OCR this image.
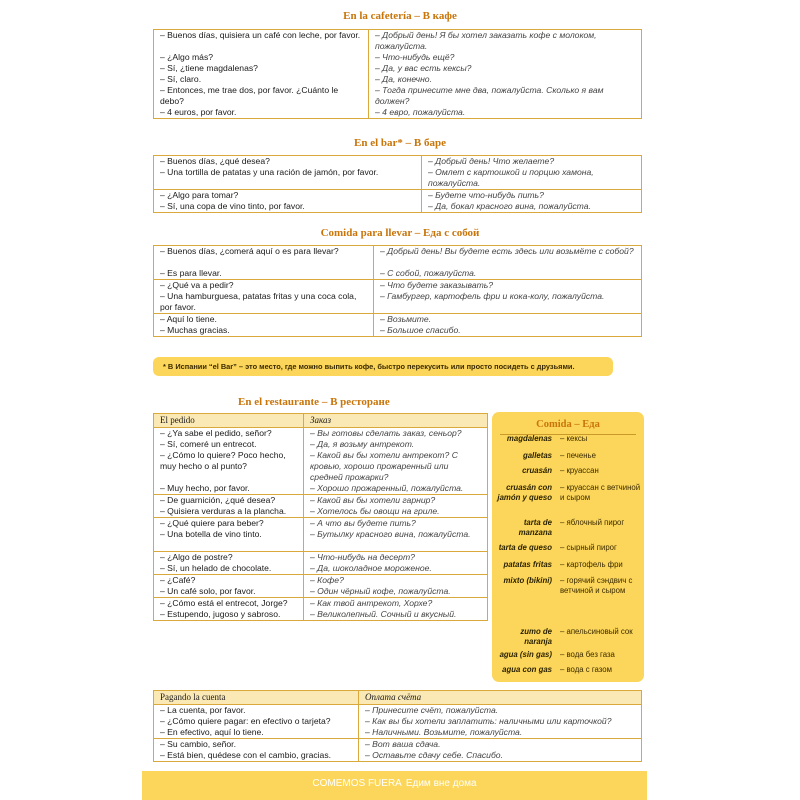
En la cafetería – В кафе
– Buenos días, quisiera un café con leche, por favor.	– Добрый день! Я бы хотел заказать кофе с молоком, пожалуйста.
– ¿Algo más?	– Что-нибудь ещё?
– Sí, ¿tiene magdalenas?	– Да, у вас есть кексы?
– Sí, claro.	– Да, конечно.
– Entonces, me trae dos, por favor. ¿Cuánto le debo?	– Тогда принесите мне два, пожалуйста. Сколько я вам должен?
– 4 euros, por favor.	– 4 евро, пожалуйста.
En el bar* – В баре
– Buenos días, ¿qué desea?	– Добрый день! Что желаете?
– Una tortilla de patatas y una ración de jamón, por favor.	– Омлет с картошкой и порцию хамона, пожалуйста.
– ¿Algo para tomar?	– Будете что-нибудь пить?
– Sí, una copa de vino tinto, por favor.	– Да, бокал красного вина, пожалуйста.
Comida para llevar – Еда с собой
– Buenos días, ¿comerá aquí o es para llevar?	– Добрый день! Вы будете есть здесь или возьмёте с собой?
– Es para llevar.	– С собой, пожалуйста.
– ¿Qué va a pedir?	– Что будете заказывать?
– Una hamburguesa, patatas fritas y una coca cola, por favor.	– Гамбургер, картофель фри и кока-колу, пожалуйста.
– Aquí lo tiene.	– Возьмите.
– Muchas gracias.	– Большое спасибо.
* В Испании “el Bar” – это место, где можно выпить кофе, быстро перекусить или просто посидеть с друзьями.
En el restaurante – В ресторане
El pedido	Заказ
– ¿Ya sabe el pedido, señor?	– Вы готовы сделать заказ, сеньор?
– Sí, comeré un entrecot.	– Да, я возьму антрекот.
– ¿Cómo lo quiere? Poco hecho, muy hecho o al punto?	– Какой вы бы хотели антрекот? С кровью, хорошо прожаренный или средней прожарки?
– Muy hecho, por favor.	– Хорошо прожаренный, пожалуйста.
– De guarnición, ¿qué desea?	– Какой вы бы хотели гарнир?
– Quisiera verduras a la plancha.	– Хотелось бы овощи на гриле.
– ¿Qué quiere para beber?	– А что вы будете пить?
– Una botella de vino tinto.	– Бутылку красного вина, пожалуйста.
– ¿Algo de postre?	– Что-нибудь на десерт?
– Sí, un helado de chocolate.	– Да, шоколадное мороженое.
– ¿Café?	– Кофе?
– Un café solo, por favor.	– Один чёрный кофе, пожалуйста.
– ¿Cómo está el entrecot, Jorge?	– Как твой антрекот, Хорхе?
– Estupendo, jugoso y sabroso.	– Великолепный. Сочный и вкусный.
Comida – Еда
magdalenas – кексы
galletas – печенье
cruasán – круассан
cruasán con jamón y queso
– круассан с ветчиной и сыром
tarta de manzana
– яблочный пирог
tarta de queso – сырный пирог
patatas fritas – картофель фри
mixto (bikini) – горячий сэндвич с ветчиной и сыром
zumo de naranja
– апельсиновый сок
agua (sin gas) – вода без газа
agua con gas – вода с газом
Pagando la cuenta	Оплата счёта
– La cuenta, por favor.	– Принесите счёт, пожалуйста.
– ¿Cómo quiere pagar: en efectivo o tarjeta?	– Как вы бы хотели заплатить: наличными или карточкой?
– En efectivo, aquí lo tiene.	– Наличными. Возьмите, пожалуйста.
– Su cambio, señor.	– Вот ваша сдача.
– Está bien, quédese con el cambio, gracias.	– Оставьте сдачу себе. Спасибо.
COMEMOS FUERA Едим вне дома
